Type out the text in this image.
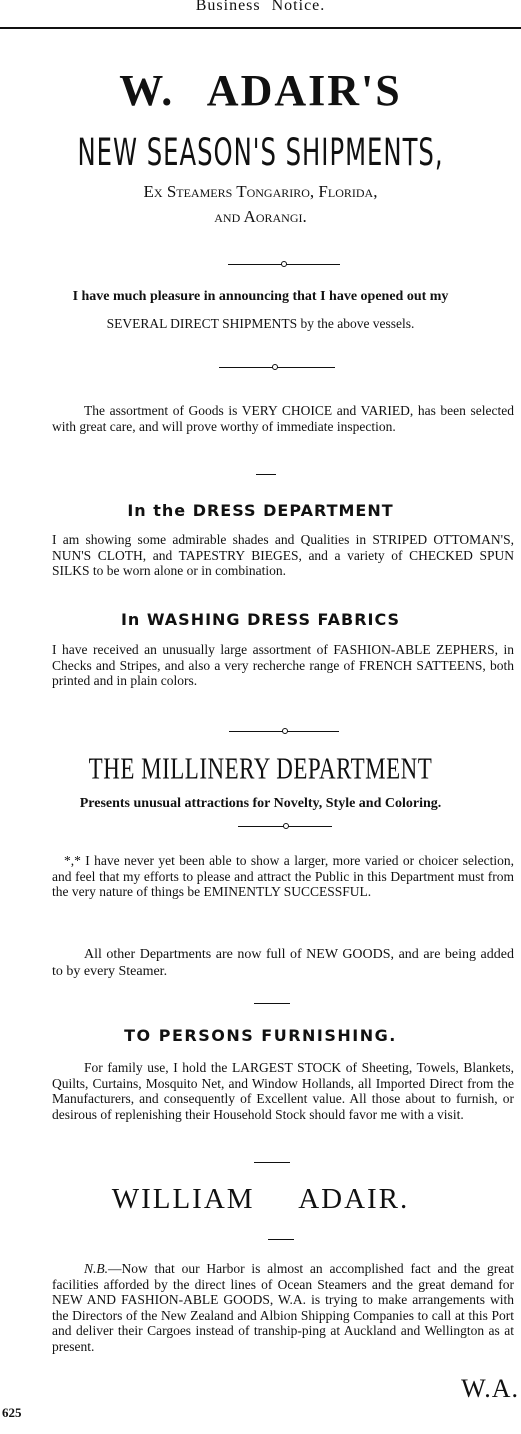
Business Notice.
W. ADAIR'S
NEW SEASON'S SHIPMENTS,
Ex Steamers Tongariro, Florida,
and Aorangi.
I have much pleasure in announcing that I have opened out my
SEVERAL DIRECT SHIPMENTS by the above vessels.
The assortment of Goods is VERY CHOICE and VARIED, has been selected with great care, and will prove worthy of immediate inspection.
In the DRESS DEPARTMENT
I am showing some admirable shades and Qualities in STRIPED OTTOMAN'S, NUN'S CLOTH, and TAPESTRY BIEGES, and a variety of CHECKED SPUN SILKS to be worn alone or in combination.
In WASHING DRESS FABRICS
I have received an unusually large assortment of FASHION-ABLE ZEPHERS, in Checks and Stripes, and also a very recherche range of FRENCH SATTEENS, both printed and in plain colors.
THE MILLINERY DEPARTMENT
Presents unusual attractions for Novelty, Style and Coloring.
*,* I have never yet been able to show a larger, more varied or choicer selection, and feel that my efforts to please and attract the Public in this Department must from the very nature of things be EMINENTLY SUCCESSFUL.
All other Departments are now full of NEW GOODS, and are being added to by every Steamer.
TO PERSONS FURNISHING.
For family use, I hold the LARGEST STOCK of Sheeting, Towels, Blankets, Quilts, Curtains, Mosquito Net, and Window Hollands, all Imported Direct from the Manufacturers, and consequently of Excellent value. All those about to furnish, or desirous of replenishing their Household Stock should favor me with a visit.
WILLIAM ADAIR.
N.B.—Now that our Harbor is almost an accomplished fact and the great facilities afforded by the direct lines of Ocean Steamers and the great demand for NEW AND FASHION-ABLE GOODS, W.A. is trying to make arrangements with the Directors of the New Zealand and Albion Shipping Companies to call at this Port and deliver their Cargoes instead of tranship-ping at Auckland and Wellington as at present.
W.A.
625
